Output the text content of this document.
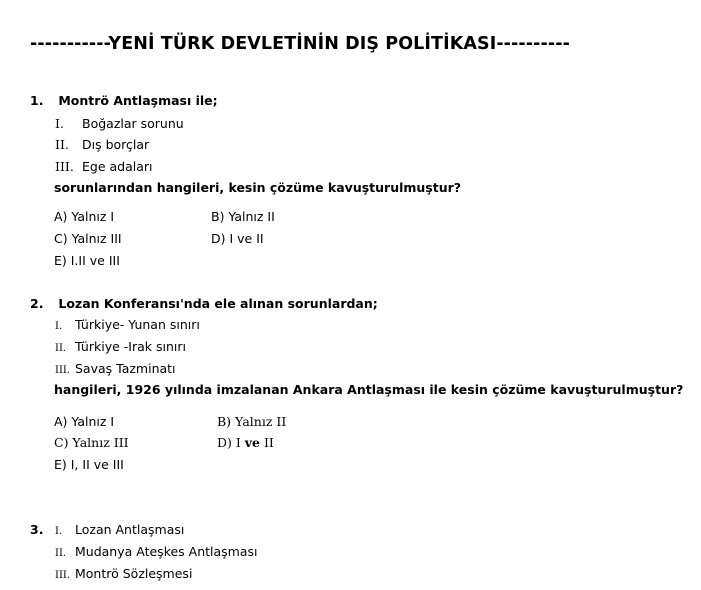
-----------YENİ TÜRK DEVLETİNİN DIŞ POLİTİKASI----------
1. Montrö Antlaşması ile;
I. Boğazlar sorunu
II. Dış borçlar
III. Ege adaları
sorunlarından hangileri, kesin çözüme kavuşturulmuştur?
A) Yalnız I	B) Yalnız II
C) Yalnız III	D) I ve II
E) I.II ve III
2. Lozan Konferansı'nda ele alınan sorunlardan;
I. Türkiye- Yunan sınırı
II. Türkiye -Irak sınırı
III. Savaş Tazminatı
hangileri, 1926 yılında imzalanan Ankara Antlaşması ile kesin çözüme kavuşturulmuştur?
A) Yalnız I	B) Yalnız II
C) Yalnız III	D) I ve II
E) I, II ve III
3.	I. Lozan Antlaşması
II. Mudanya Ateşkes Antlaşması
III. Montrö Sözleşmesi
